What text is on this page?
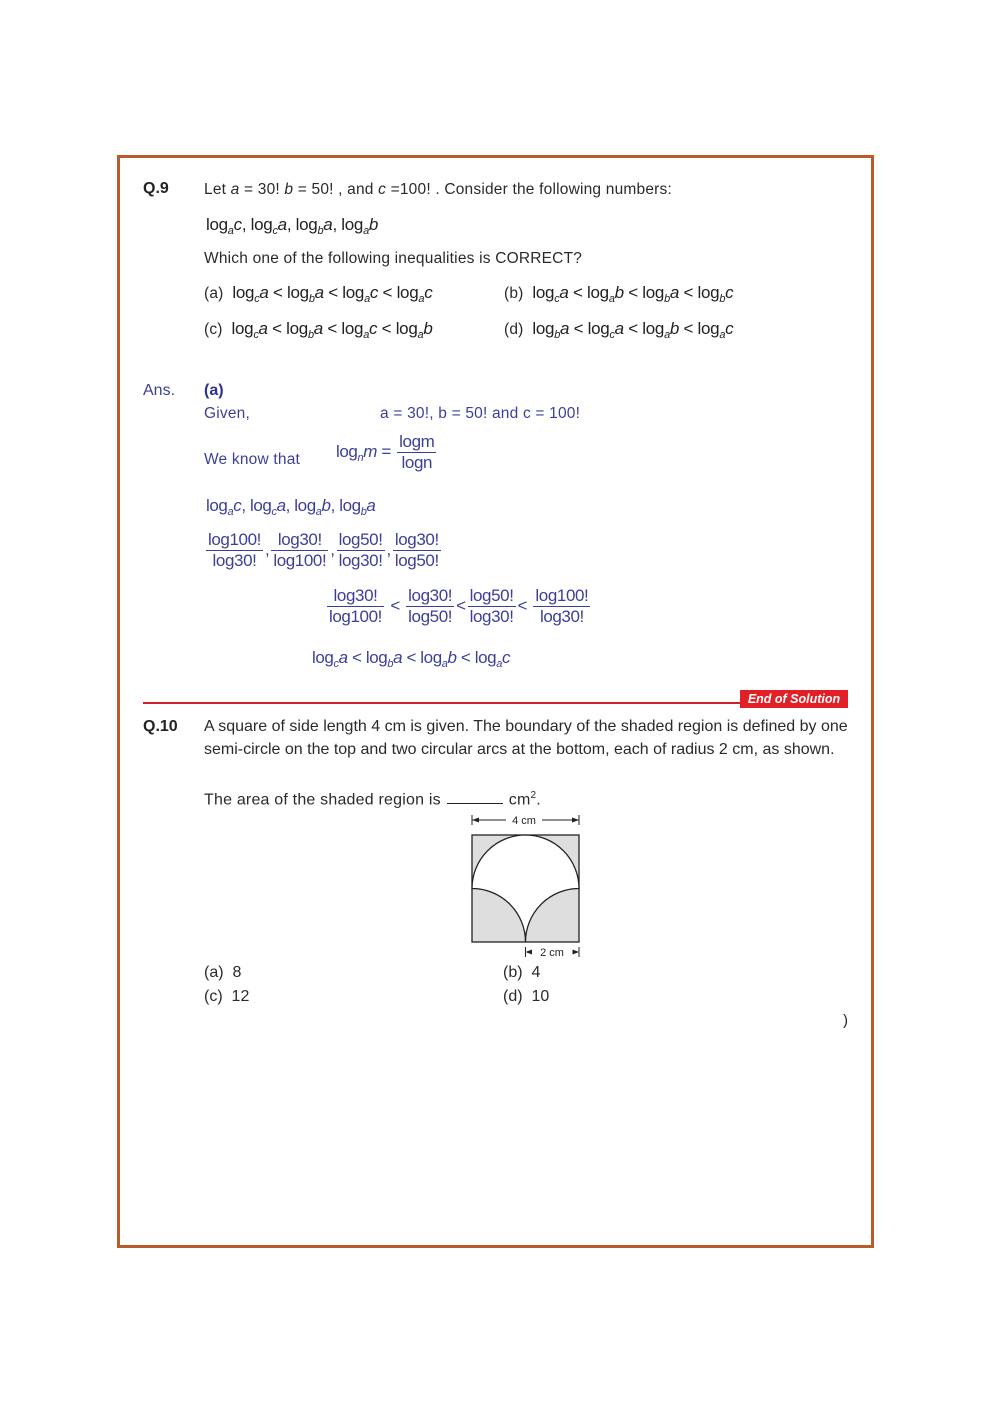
Q.9 Let a = 30! b = 50! , and c =100! . Consider the following numbers:
$\log_ac$, $\log_ca$, $\log_ba$, $\log_ab$
Which one of the following inequalities is CORRECT?
(a)  $\log_ca < \log_ba < \log_ac < \log_ac$	(b)  $\log_ca < \log_ab < \log_ba < \log_bc$
(c)  $\log_ca < \log_ba < \log_ac < \log_ab$	(d)  $\log_ba < \log_ca < \log_ab < \log_ac$
Ans. (a)
Given,	a = 30!, b = 50! and c = 100!
We know that $\log_nm = \frac{\log m}{\log n}$
$\log_ac$, $\log_ca$, $\log_ab$, $\log_ba$
$\frac{\log 100!}{\log 30!}$ , $\frac{\log 30!}{\log 100!}$ , $\frac{\log 50!}{\log 30!}$ , $\frac{\log 30!}{\log 50!}$
$\frac{\log 30!}{\log 100!} < \frac{\log 30!}{\log 50!} < \frac{\log 50!}{\log 30!} < \frac{\log 100!}{\log 30!}$
$\log_ca < \log_ba < \log_ab < \log_ac$
End of Solution
Q.10 A square of side length 4 cm is given. The boundary of the shaded region is defined by one semi-circle on the top and two circular arcs at the bottom, each of radius 2 cm, as shown.
The area of the shaded region is	$cm^2$.
4 cm
2 cm
(a) 8	(b) 4
(c) 12	(d) 10
)
